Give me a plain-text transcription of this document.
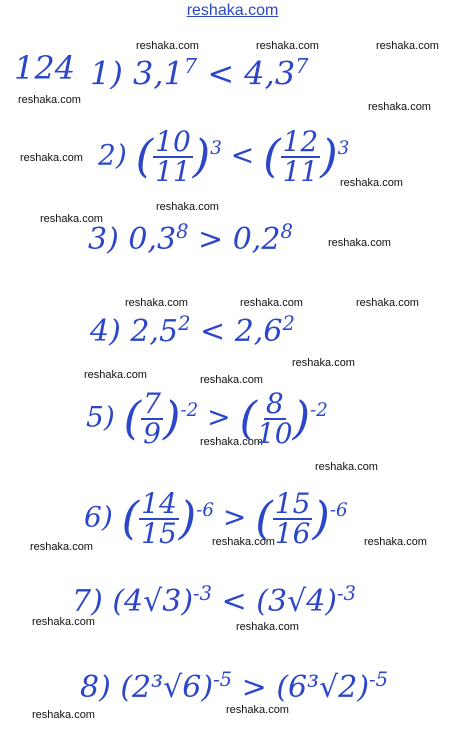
reshaka.com
reshaka.com	reshaka.com	reshaka.com
reshaka.com
reshaka.com
reshaka.com
reshaka.com
reshaka.com
reshaka.com
reshaka.com
reshaka.com	reshaka.com	reshaka.com
reshaka.com
reshaka.com	reshaka.com
reshaka.com
reshaka.com
reshaka.com	reshaka.com	reshaka.com
reshaka.com	reshaka.com
reshaka.com	reshaka.com
124 1) $3,1^7 < 4,3^7$
2) ( $\frac{10}{11} )^3$ < ( $\frac{12}{11} )^3$
3) $0,3^8 > 0,2^8$
4) $2,5^2 < 2,6^2$
5) ( $\frac{7}{9} )^{-2}$ > ( $\frac{8}{10} )^{-2}$
6) ( $\frac{14}{15} )^{-6}$ > ( $\frac{15}{16} )^{-6}$
7) $(4√3)^{-3} < (3√4)^{-3}$
8) $(2^3√6)^{-5} > (6^3√2)^{-5}$
